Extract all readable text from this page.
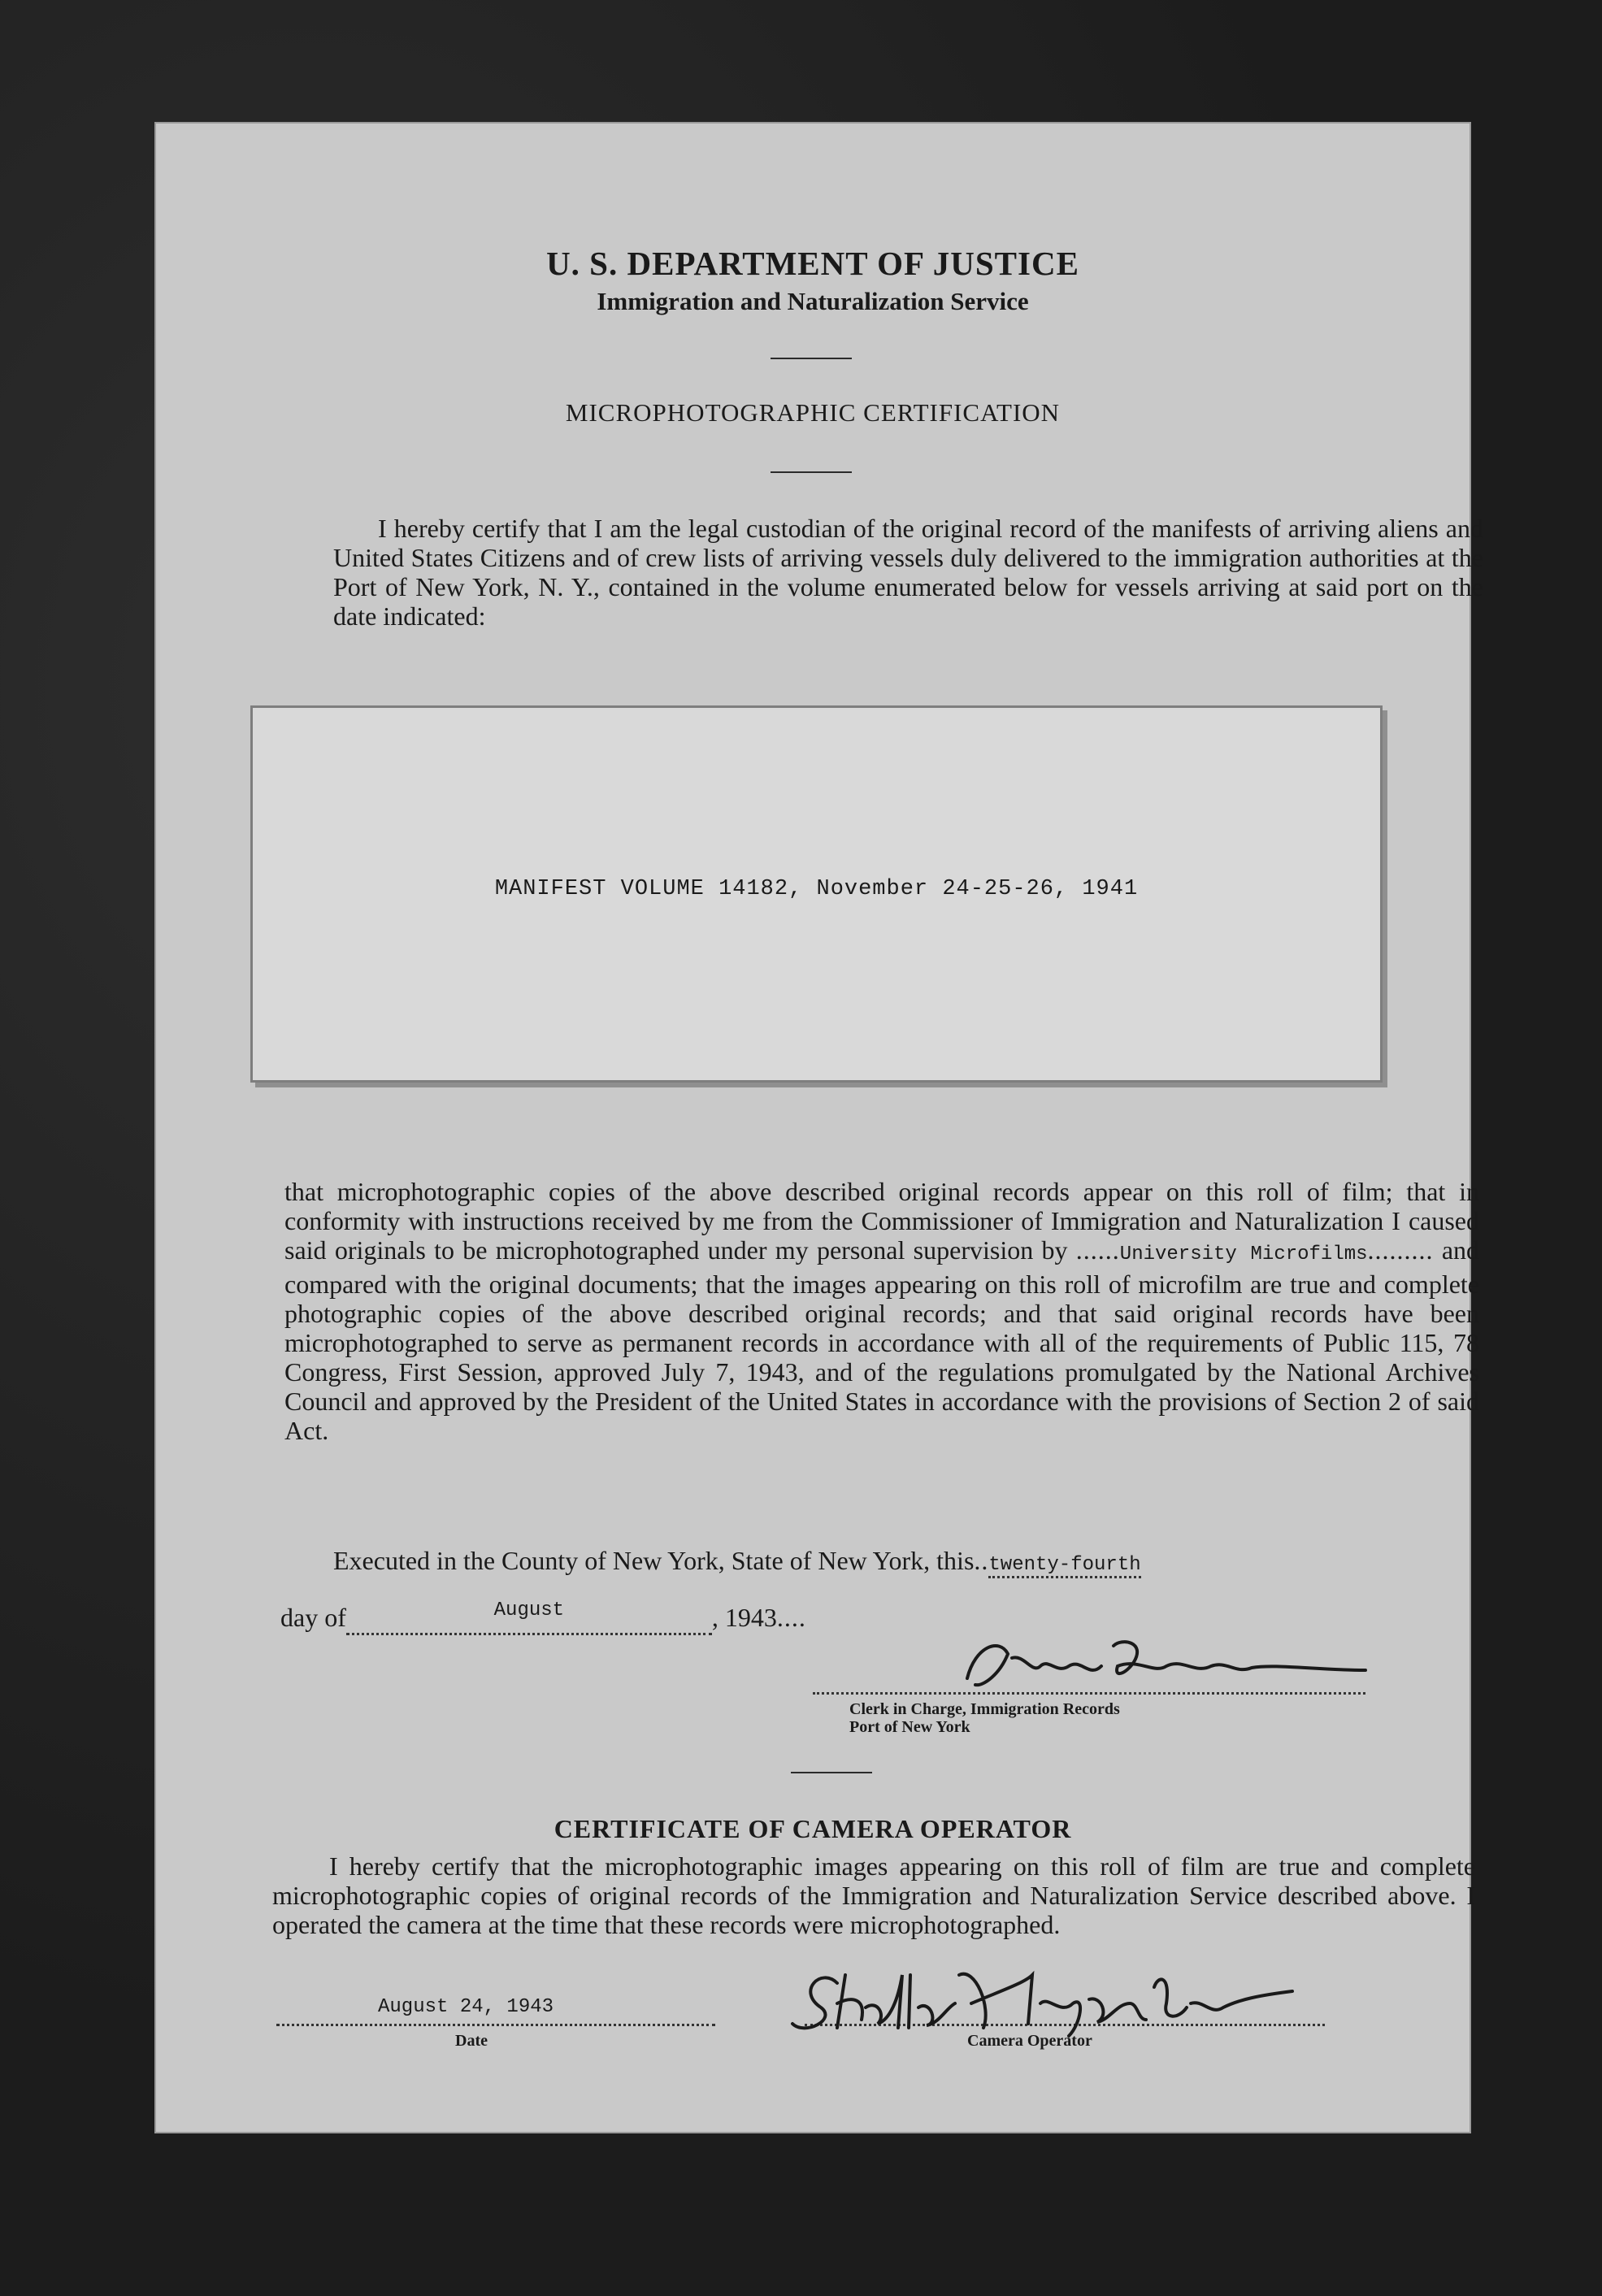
U. S. DEPARTMENT OF JUSTICE
Immigration and Naturalization Service
MICROPHOTOGRAPHIC CERTIFICATION
I hereby certify that I am the legal custodian of the original record of the manifests of arriving aliens and United States Citizens and of crew lists of arriving vessels duly delivered to the immigration authorities at the Port of New York, N. Y., contained in the volume enumerated below for vessels arriving at said port on the date indicated:
MANIFEST VOLUME 14182, November 24-25-26, 1941
that microphotographic copies of the above described original records appear on this roll of film; that in conformity with instructions received by me from the Commissioner of Immigration and Naturalization I caused said originals to be microphotographed under my personal supervision by ......University Microfilms......... and compared with the original documents; that the images appearing on this roll of microfilm are true and complete photographic copies of the above described original records; and that said original records have been microphotographed to serve as permanent records in accordance with all of the requirements of Public 115, 78 Congress, First Session, approved July 7, 1943, and of the regulations promulgated by the National Archives Council and approved by the President of the United States in accordance with the provisions of Section 2 of said Act.
Executed in the County of New York, State of New York, this..twenty-fourth
day of	$^{August}$	, 1943....
Clerk in Charge, Immigration Records
Port of New York
CERTIFICATE OF CAMERA OPERATOR
I hereby certify that the microphotographic images appearing on this roll of film are true and complete microphotographic copies of original records of the Immigration and Naturalization Service described above. I operated the camera at the time that these records were microphotographed.
August 24, 1943
Date	Camera Operator
